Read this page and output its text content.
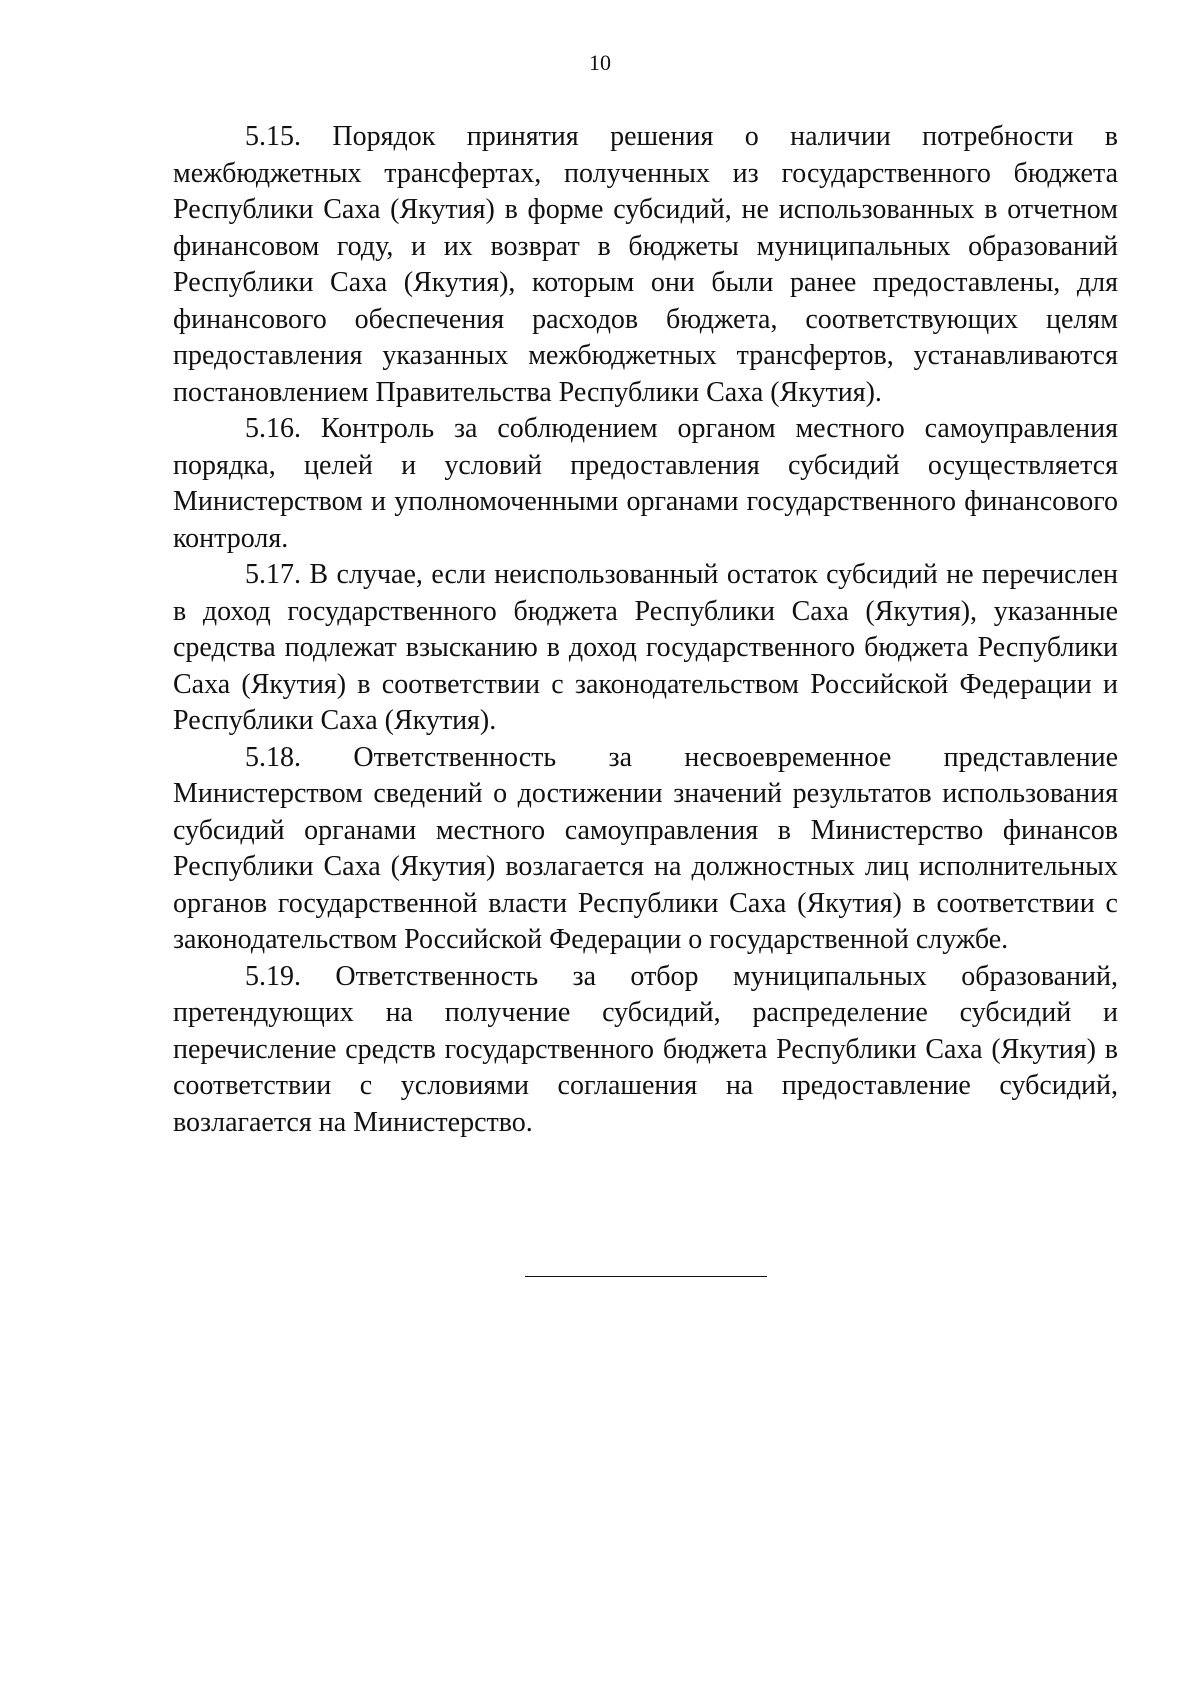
10

5.15. Порядок принятия решения о наличии потребности в межбюджетных трансфертах, полученных из государственного бюджета Республики Саха (Якутия) в форме субсидий, не использованных в отчетном финансовом году, и их возврат в бюджеты муниципальных образований Республики Саха (Якутия), которым они были ранее предоставлены, для финансового обеспечения расходов бюджета, соответствующих целям предоставления указанных межбюджетных трансфертов, устанавливаются постановлением Правительства Республики Саха (Якутия).

5.16. Контроль за соблюдением органом местного самоуправления порядка, целей и условий предоставления субсидий осуществляется Министерством и уполномоченными органами государственного финансового контроля.

5.17. В случае, если неиспользованный остаток субсидий не перечислен в доход государственного бюджета Республики Саха (Якутия), указанные средства подлежат взысканию в доход государственного бюджета Республики Саха (Якутия) в соответствии с законодательством Российской Федерации и Республики Саха (Якутия).

5.18. Ответственность за несвоевременное представление Министерством сведений о достижении значений результатов использования субсидий органами местного самоуправления в Министерство финансов Республики Саха (Якутия) возлагается на должностных лиц исполнительных органов государственной власти Республики Саха (Якутия) в соответствии с законодательством Российской Федерации о государственной службе.

5.19. Ответственность за отбор муниципальных образований, претендующих на получение субсидий, распределение субсидий и перечисление средств государственного бюджета Республики Саха (Якутия) в соответствии с условиями соглашения на предоставление субсидий, возлагается на Министерство.
